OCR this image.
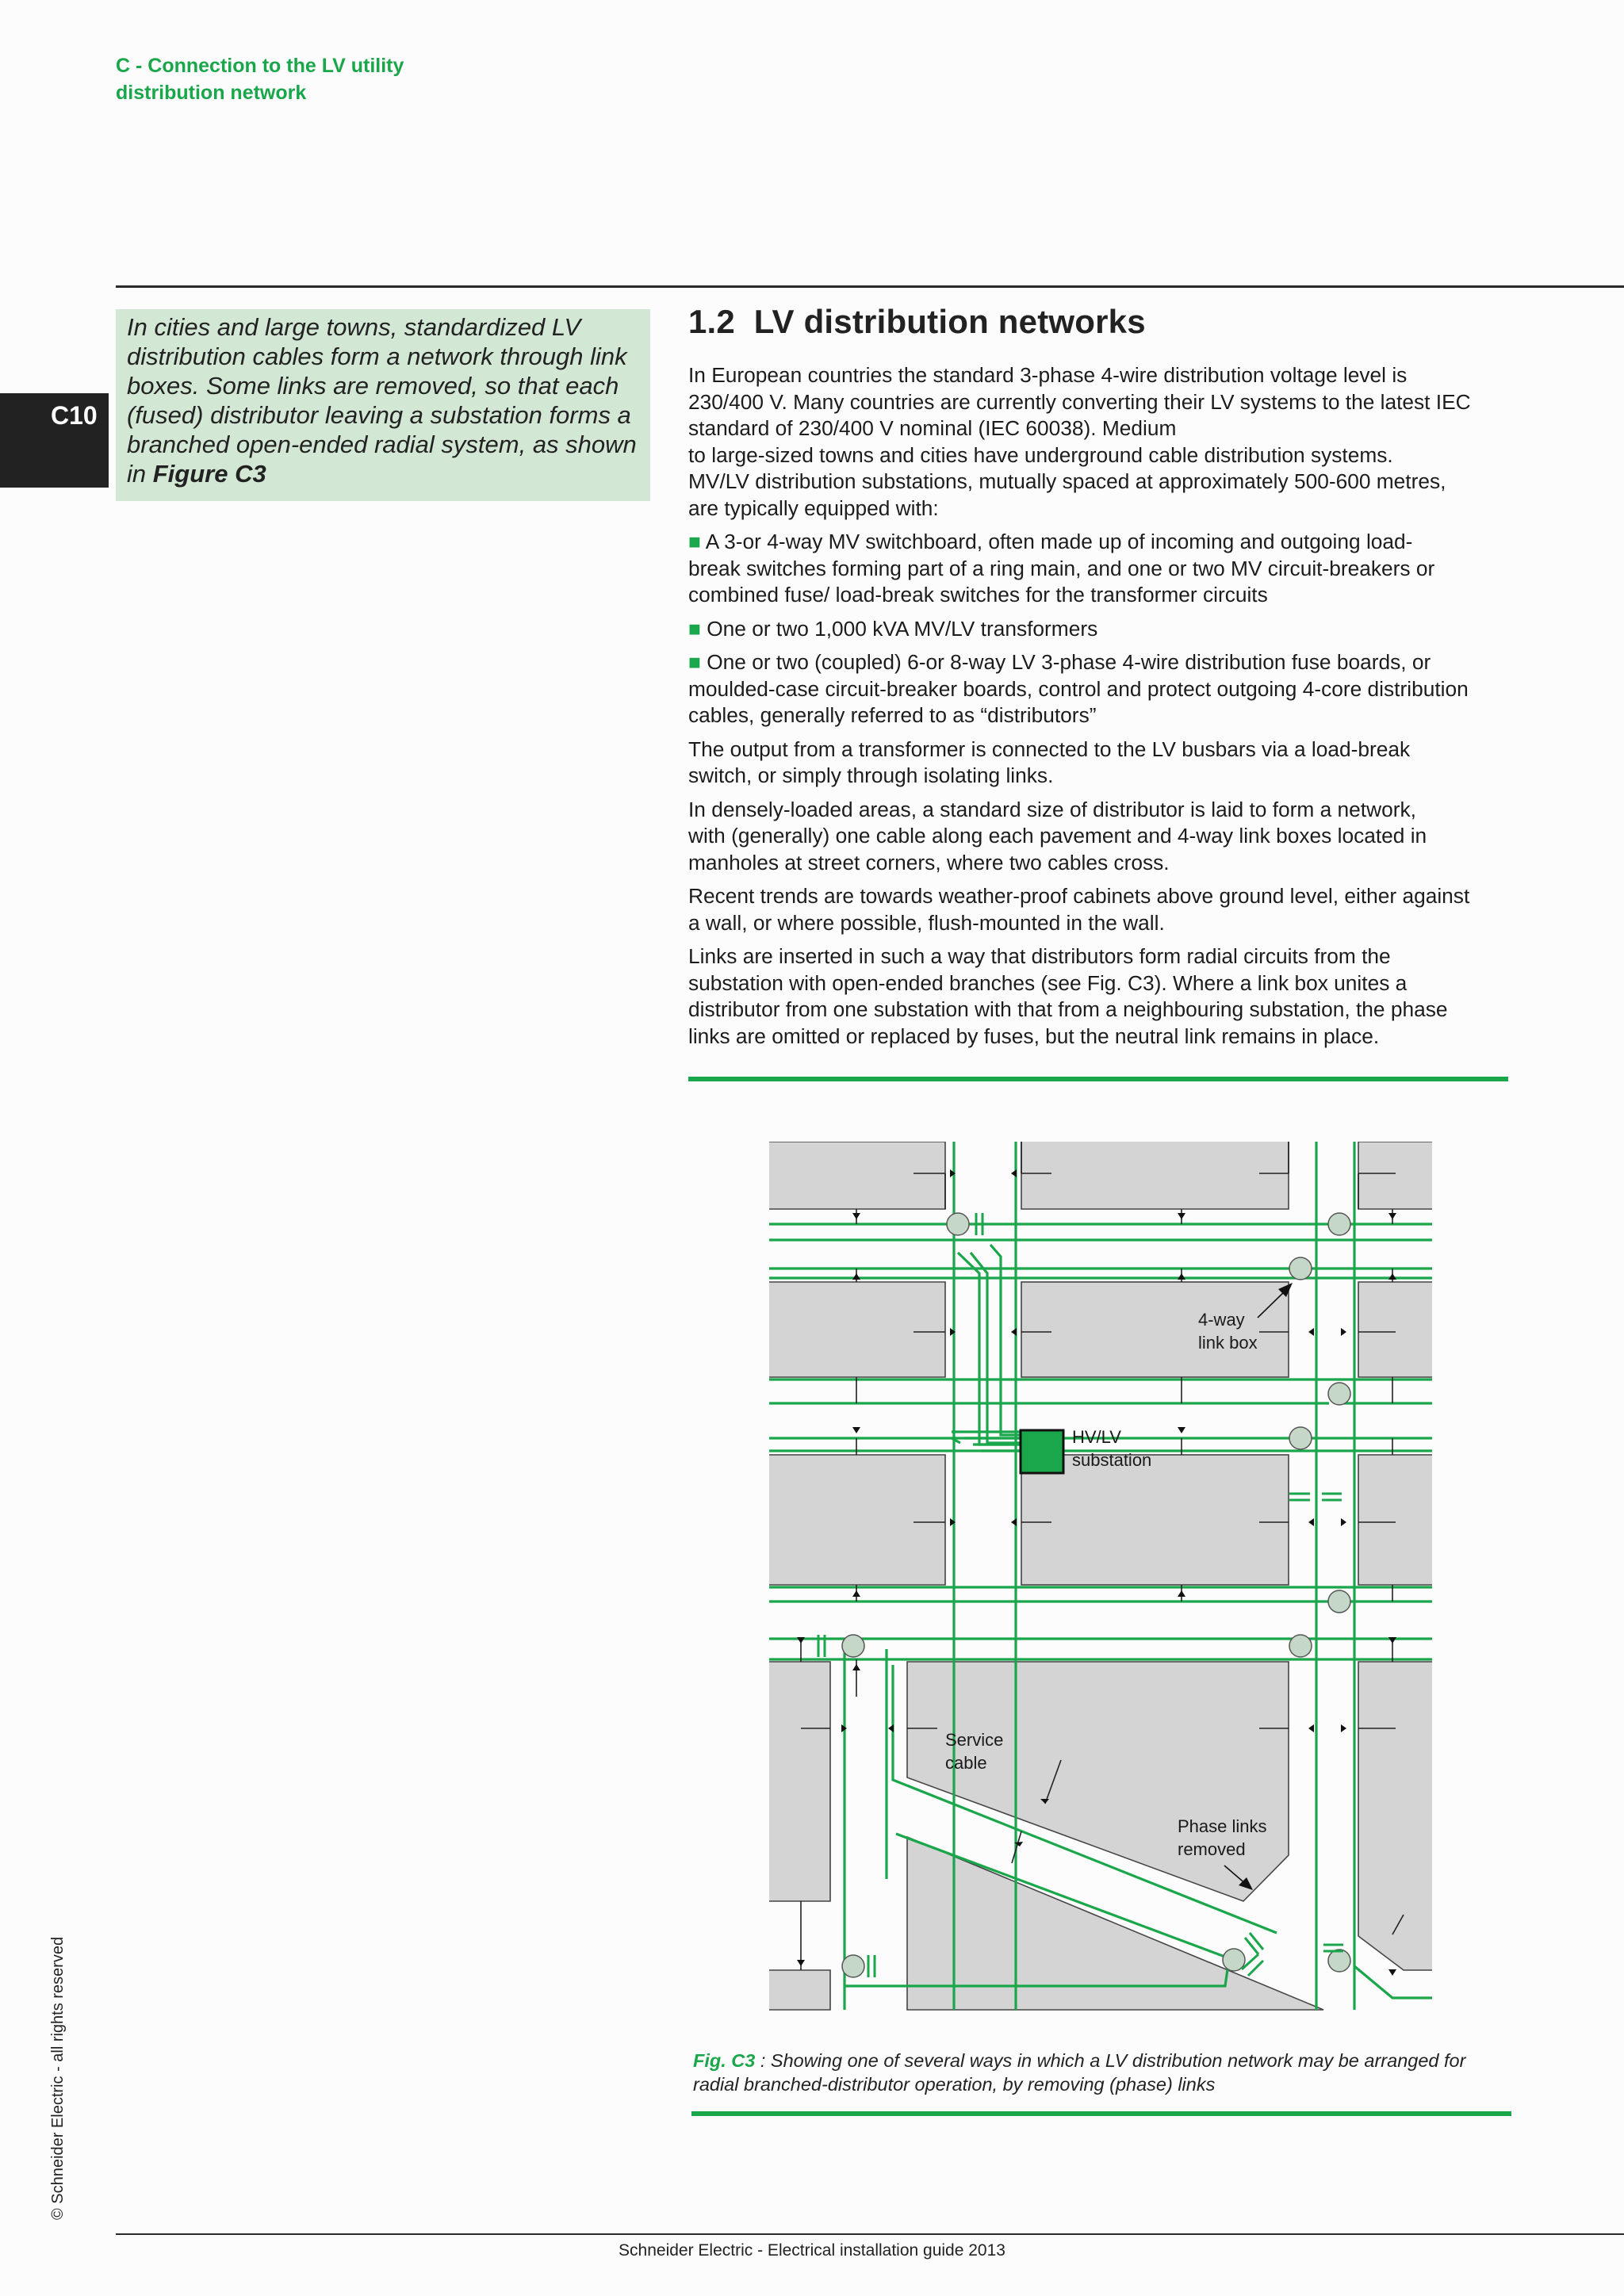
C - Connection to the LV utility
distribution network
C10
In cities and large towns, standardized LV distribution cables form a network through link boxes. Some links are removed, so that each (fused) distributor leaving a substation forms a branched open-ended radial system, as shown in Figure C3
1.2 LV distribution networks

In European countries the standard 3-phase 4-wire distribution voltage level is
230/400 V. Many countries are currently converting their LV systems to the latest IEC
standard of 230/400 V nominal (IEC 60038). Medium
to large-sized towns and cities have underground cable distribution systems.
MV/LV distribution substations, mutually spaced at approximately 500-600 metres,
are typically equipped with:

■ A 3-or 4-way MV switchboard, often made up of incoming and outgoing load-
break switches forming part of a ring main, and one or two MV circuit-breakers or
combined fuse/ load-break switches for the transformer circuits

■ One or two 1,000 kVA MV/LV transformers

■ One or two (coupled) 6-or 8-way LV 3-phase 4-wire distribution fuse boards, or
moulded-case circuit-breaker boards, control and protect outgoing 4-core distribution
cables, generally referred to as “distributors”

The output from a transformer is connected to the LV busbars via a load-break
switch, or simply through isolating links.

In densely-loaded areas, a standard size of distributor is laid to form a network,
with (generally) one cable along each pavement and 4-way link boxes located in
manholes at street corners, where two cables cross.

Recent trends are towards weather-proof cabinets above ground level, either against
a wall, or where possible, flush-mounted in the wall.

Links are inserted in such a way that distributors form radial circuits from the
substation with open-ended branches (see Fig. C3). Where a link box unites a
distributor from one substation with that from a neighbouring substation, the phase
links are omitted or replaced by fuses, but the neutral link remains in place.

4-way link box
HV/LV substation
Service cable
Phase links removed
Fig. C3 : Showing one of several ways in which a LV distribution network may be arranged for
radial branched-distributor operation, by removing (phase) links
© Schneider Electric - all rights reserved
Schneider Electric - Electrical installation guide 2013
